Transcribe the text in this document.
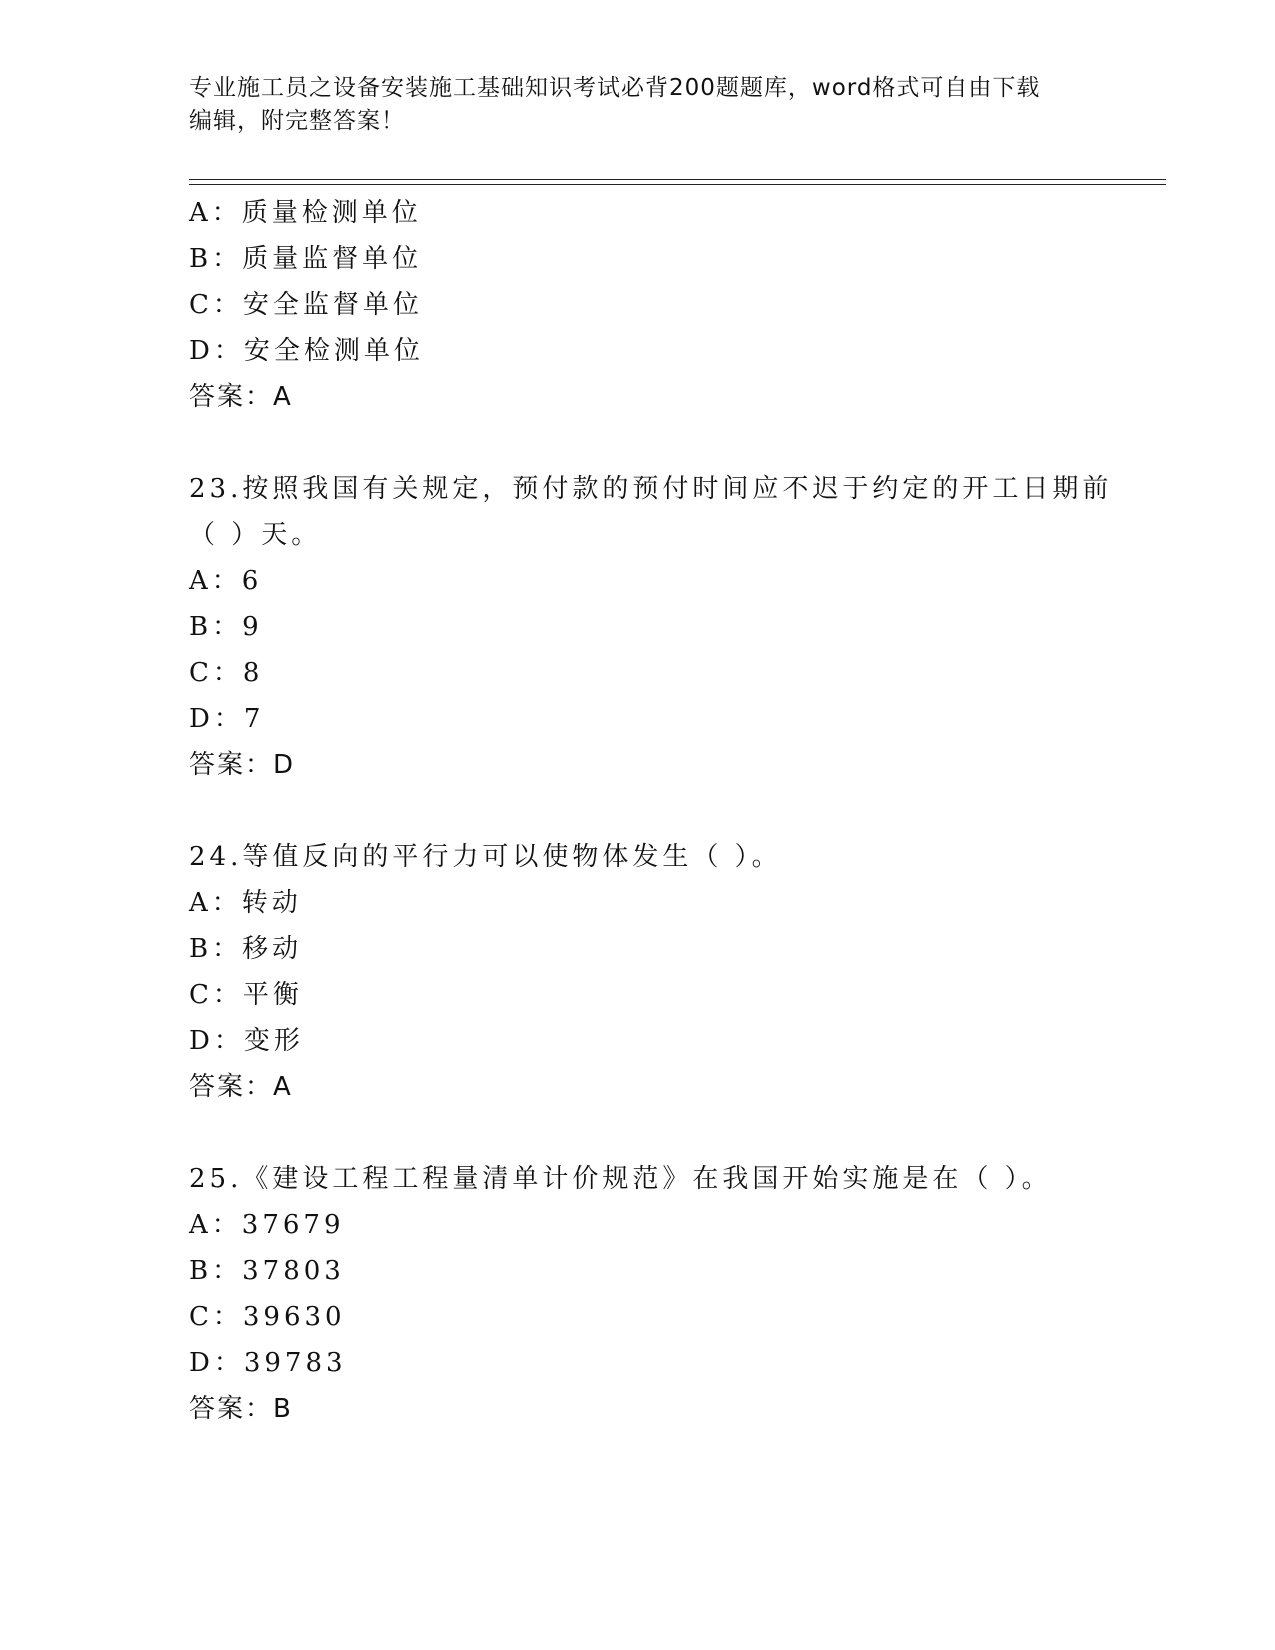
专业施工员之设备安装施工基础知识考试必背200题题库，word格式可自由下载
编辑，附完整答案！
A：质量检测单位
B：质量监督单位
C：安全监督单位
D：安全检测单位
答案：A
23.按照我国有关规定，预付款的预付时间应不迟于约定的开工日期前
（ ）天。
A：6
B：9
C：8
D：7
答案：D
24.等值反向的平行力可以使物体发生（ ）。
A：转动
B：移动
C：平衡
D：变形
答案：A
25.《建设工程工程量清单计价规范》在我国开始实施是在（ ）。
A：37679
B：37803
C：39630
D：39783
答案：B
